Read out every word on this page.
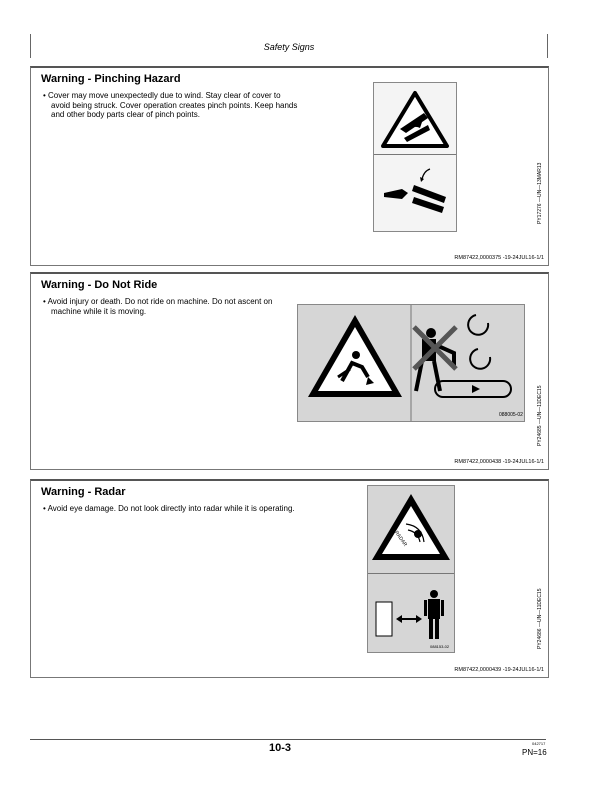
Safety Signs
Warning - Pinching Hazard
• Cover may move unexpectedly due to wind. Stay clear of cover to avoid being struck. Cover operation creates pinch points. Keep hands and other body parts clear of pinch points.
PY17276 —UN—13MAR13
RM87422,0000375 -19-24JUL16-1/1
Warning - Do Not Ride
• Avoid injury or death. Do not ride on machine. Do not ascent on machine while it is moving.
088005-02	PY24685 —UN—11DEC15
RM87422,0000438 -19-24JUL16-1/1
Warning - Radar
• Avoid eye damage. Do not look directly into radar while it is operating.
RADAR
088153-02	PY24686 —UN—11DEC15
RM87422,0000439 -19-24JUL16-1/1
10-3	042717
PN=16
